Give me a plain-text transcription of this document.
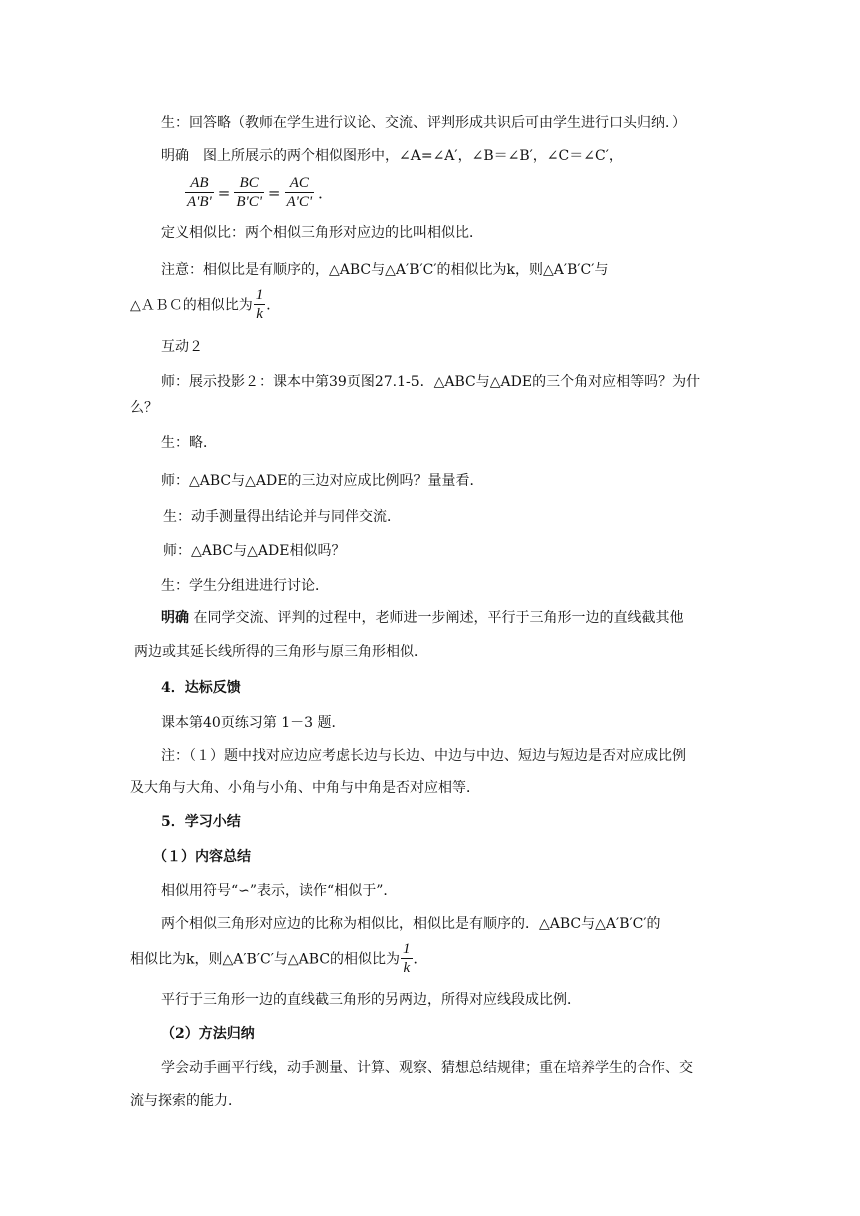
生：回答略（教师在学生进行议论、交流、评判形成共识后可由学生进行口头归纳．）
明确　图上所展示的两个相似图形中，∠A=∠A′，∠B＝∠B′，∠C＝∠C′，
$\frac{AB}{A'B'} = \frac{BC}{B'C'} = \frac{AC}{A'C'}$ ．
定义相似比：两个相似三角形对应边的比叫相似比．
注意：相似比是有顺序的，△ABC与△A′B′C′的相似比为k，则△A′B′C′与
△ＡＢＣ的相似比为 $\frac{1}{k}$ ．
互动２
师：展示投影２：课本中第39页图27.1-5．△ABC与△ADE的三个角对应相等吗？为什
么？
生：略．
师：△ABC与△ADE的三边对应成比例吗？量量看．
生：动手测量得出结论并与同伴交流．
师：△ABC与△ADE相似吗？
生：学生分组进进行讨论．
明确 在同学交流、评判的过程中，老师进一步阐述，平行于三角形一边的直线截其他
两边或其延长线所得的三角形与原三角形相似．
4．达标反馈
课本第40页练习第 1－3 题．
注：（１）题中找对应边应考虑长边与长边、中边与中边、短边与短边是否对应成比例
及大角与大角、小角与小角、中角与中角是否对应相等．
5．学习小结
（１）内容总结
相似用符号“∽”表示，读作“相似于”．
两个相似三角形对应边的比称为相似比，相似比是有顺序的．△ABC与△A′B′C′的
相似比为k，则△A′B′C′与△ABC的相似比为 $\frac{1}{k}$ ．
平行于三角形一边的直线截三角形的另两边，所得对应线段成比例．
（2）方法归纳
学会动手画平行线，动手测量、计算、观察、猜想总结规律；重在培养学生的合作、交
流与探索的能力．
